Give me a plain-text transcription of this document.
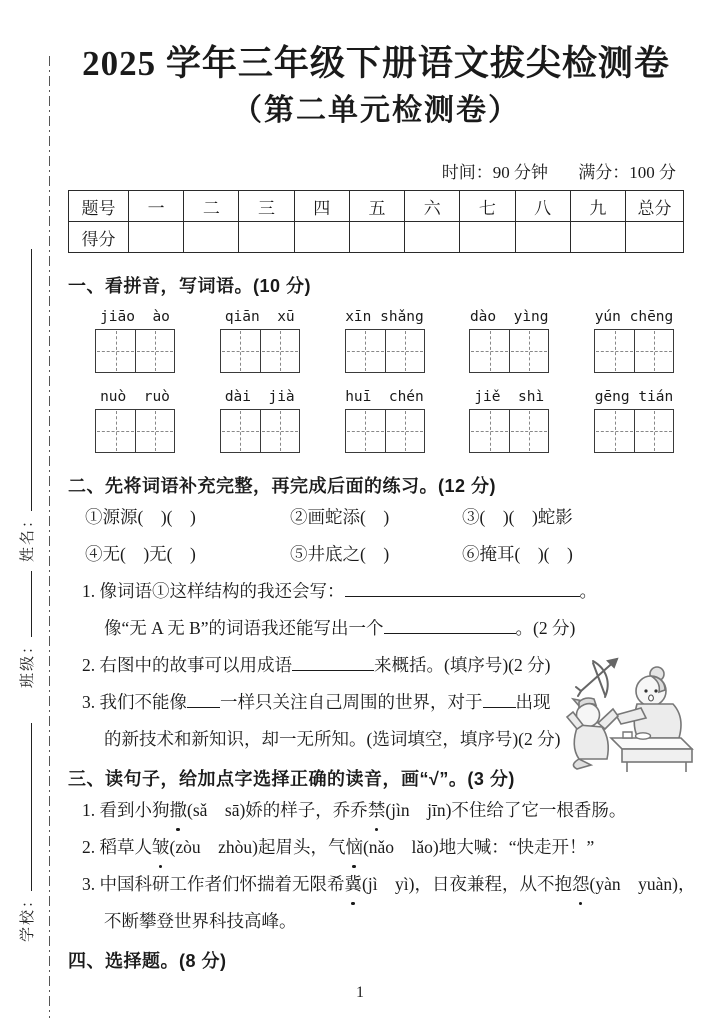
姓名：
班级：
学校：
2025 学年三年级下册语文拔尖检测卷
（第二单元检测卷）
时间：90 分钟 满分：100 分
题号	一	二	三	四	五	六	七	八	九	总分
得分										
一、看拼音，写词语。(10 分)
jiāo  ào	qiān  xū	xīn shǎng	dào  yìng	yún chēng
nuò  ruò	dài  jià	huī  chén	jiě  shì	gēng tián
二、先将词语补充完整，再完成后面的练习。(12 分)
①源源(　)(　)	②画蛇添(　)	③(　)(　)蛇影
④无(　)无(　)	⑤井底之(　)	⑥掩耳(　)(　)
1. 像词语①这样结构的我还会写：	。
像“无 A 无 B”的词语我还能写出一个	。(2 分)
2. 右图中的故事可以用成语	来概括。(填序号)(2 分)
3. 我们不能像 一样只关注自己周围的世界，对于 出现
的新技术和新知识，却一无所知。(选词填空，填序号)(2 分)
三、读句子，给加点字选择正确的读音，画“√”。(3 分)
1. 看到小狗撒(sǎ　sā)娇的样子，乔乔禁(jìn　jīn)不住给了它一根香肠。
2. 稻草人皱(zòu　zhòu)起眉头，气恼(nǎo　lǎo)地大喊：“快走开！”
3. 中国科研工作者们怀揣着无限希冀(jì　yì)，日夜兼程，从不抱怨(yàn　yuàn)，
不断攀登世界科技高峰。
四、选择题。(8 分)
1
